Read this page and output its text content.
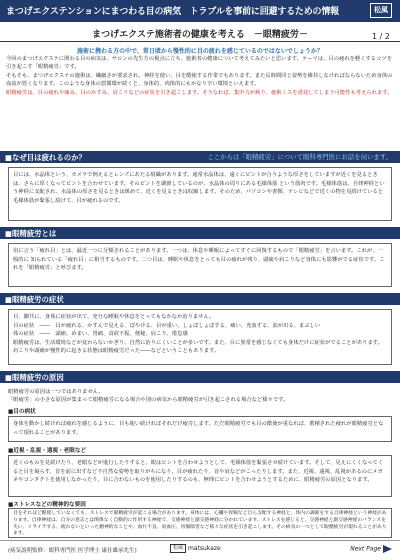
まつげエクステンションにまつわる目の病気　トラブルを事前に回避するための情報	松風
まつげエクステ施術者の健康を考える　－眼精疲労－	1 / 2
施術に携わる方の中で、常日頃から慢性的に目の疲れを感じているのではないでしょうか？

今回のまつげエクステに関わる目の病気は、サロンの先生方の視点に立ち、施術者の健康について考えてみたいと思います。テーマは、目の疲れを軽くするコツを引き起こす「眼精疲労」です。

そもそも、まつげエクステの施術は、繊細さが要求され、神経を使い、目を酷使する作業でもあります。また長時間同じ姿勢を維持しなければならないため身体の血流が悪くなります。このような身体の悪循環が続くと、身体的、肉体的にもかなり辛い環境といえます。

眼精疲労は、目の疲れや痛み、目のかすみ、肩こりなどの症状を引き起こします。そうなれば、集中力が鈍り、施術ミスを誘発してしまう可能性も考えられます。

■なぜ目は疲れるのか？	ここからは「眼精疲労」について眼科専門医にお話を伺います。

目には、水晶体という、カメラで例えるとレンズにあたる組織があります。通常水晶体は、遠くにピントが合うような厚さをしていますが近くを見るときは、さらに厚くなってピントを合わせています。そのピントを調節しているのが、水晶体の周りにある毛様体筋 という筋肉です。毛様体筋は、自律神経という神経に支配され、水晶体の厚さを見るときは緩めて、近くを見るときは収縮します。そのため、パソコンや書類、テレビなどで近くの物を見続けていると毛様体筋が緊張し続けて、目が疲れるのです。

■眼精疲労とは

俗に言う「疲れ目」とは、最近一つに分類されることがあります。一つは、休息や睡眠によってすぐに回復するもので「眼精疲労」を言います。これが、一般的に 知られている「疲れ目」に相当するものです。二つ目は、睡眠や休息をとっても目の疲れが残り、頭痛や肩こりなど身体にも影響がでる症状です。これを「眼精疲労」と呼びます。

■眼精疲労の症状

目、脚共に、身体に症状が出て、充分な睡眠や休息をとってもなかなか治りません。

目の症状　――　目が疲れる、かすんで見える、ぼやける、目が重い、しょぼしょぼする、痛い、充血する、涙が出る、まぶしい

体の症状　――　頭痛、めまい、胃痛、食欲不振、便秘、肩こり、倦怠感

眼精疲労は、生活環境などが変わらないかぎり、自然に治りにくいことが多いです。また、目に異常を感じなくても身体だけに症状がでることがあります。肩こりや頭痛が慢性的に起きる状態は眼精疲労だった――などということもあります。

■眼精疲労の原因

眼精疲労の原因は一つではありません。

「眼疲労」の小さな原因が集まって眼精疲労になる場合や別の病気から眼精疲労が引き起こされる場合など様々です。

■目の病状

身体を動かし続ければ疲れを感じるように、目も使い続ければそれだけ疲労します。ただ眼精疲労でも目の酷使が重なれば、蓄積された疲れが眼精疲労となって現れることがあります。

■近視・乱視・遠視・老眼など

近くのものを見続けたり、老眼などが進行したりすると、眼はピントを合わせようとして、毛様体筋を緊張させ続けています。そして、見えにくくなってくると目を凝らす、首を前に出すなど不自然な姿勢を取りがちになり、目が疲れたり、首や肩などがこったりします。また、近視、遠視、乱視があるのにメガネやコンタクトを使用しなかったり、目に合わないものを使用したりするのも、無理にピントを合わせようとするために、眼精疲労の原因となります。

■ストレスなどの精神的な要因

目をそれほど酷使していなくても、ストレスで眼精疲労が起こる場合があります。身体には、心臓や胃腸など自ら支配する神経と、体内の調節をする自律神経という神経があります。自律神経は、自分の意志とは関係なく自動的に作用する神経で、交感神経と副交感神経に分かれています。ストレスを感じると、交感神経と副交感神経のバランスを失い、イライラする、疲れないといった精神的なことや、血行不良、肩血圧、胃腸障害など様々な症状を引き起こします。その病気の一つとして眼精疲労が現れることがあります。

(病気説明監修：眼科専門医 医学博士 康仕雄承先生)	松風 matsukaze	Next Page
